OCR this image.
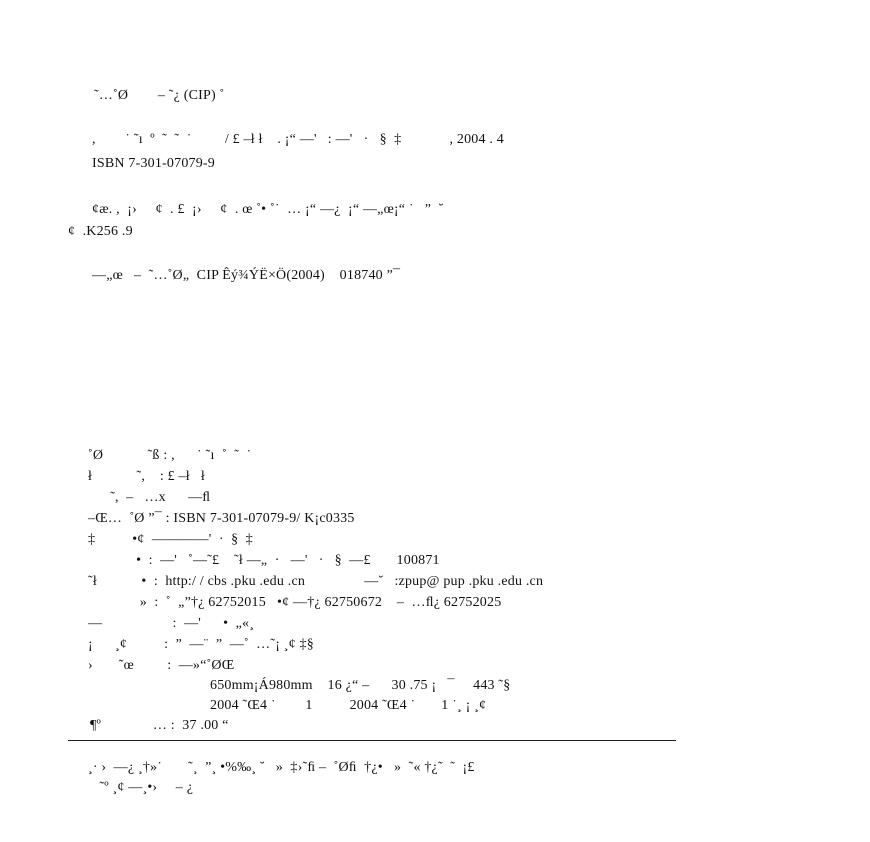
˜…˚Ø        – ˜¿ (CIP) ˚
,        ˙ ˜ı  º  ˜  ˜  ˙         / £ –ł ł    . ¡“ —'   : —'   ·   §  ‡             , 2004 . 4
ISBN 7-301-07079-9
¢æ. ,  ¡›     ¢  . £  ¡›     ¢  . œ ˚• ˚˙  … ¡“ —¿  ¡“ —„œ¡“ ˙   ”  ˘
¢  .K256 .9
—„œ   –  ˜…˚Ø„  CIP Êý¾ÝË×Ö(2004)    018740 ”¯
˚Ø            ˜ß : ,      ˙ ˜ı  ˚  ˜  ˙
ł            ˜,    : £ –ł   ł
˜,  –   …x      —ﬂ
–Œ…  ˚Ø ”¯ : ISBN 7-301-07079-9/ K¡c0335
‡          •¢  ————'  ·  §  ‡
•  :  —'   ˚—˜£    ˜ł —„  ·   —'   ·   §  —£       100871
˜ł            •  :  http:/ / cbs .pku .edu .cn                —˘   :zpup@ pup .pku .edu .cn
»  :  ˚  „”†¿ 62752015   •¢ —†¿ 62750672    –  …ﬂ¿ 62752025
—                   :  —'      •  „«¸
¡      ¸¢          :  ”  —¨  ”  —˚  …˜¡ ¸¢ ‡§
›       ˜œ         :  —»“˚ØŒ
650mm¡Á980mm    16 ¿“ –      30 .75 ¡   ¯     443 ˜§
2004 ˜Œ4 ˙        1          2004 ˜Œ4 ˙       1 ˙¸ ¡ ¸¢
¶º              … :  37 .00 “
¸· ›  —¿ ¸†»˙       ˜¸  ”¸ •%‰¸ ˘   »  ‡›˜ﬁ –  ˚Øﬁ  †¿•   »  ˜« †¿˜  ˜  ¡£
˜º ¸¢ —¸•›     – ¿
